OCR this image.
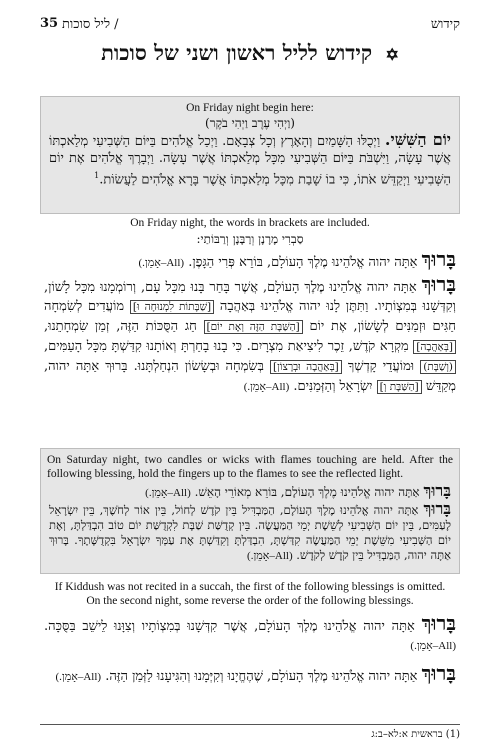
35 / ליל סוכות	קידוש
✡ קידוש לליל ראשון ושני של סוכות
On Friday night begin here:
(וַיְהִי עֶרֶב וַיְהִי בֹקֶר)
יוֹם הַשִּׁשִּׁי. וַיְכֻלּוּ הַשָּׁמַיִם וְהָאָרֶץ וְכָל צְבָאָם. וַיְכַל אֱלֹהִים בַּיּוֹם הַשְּׁבִיעִי מְלַאכְתּוֹ אֲשֶׁר עָשָׂה, וַיִּשְׁבֹּת בַּיּוֹם הַשְּׁבִיעִי מִכָּל מְלַאכְתּוֹ אֲשֶׁר עָשָׂה. וַיְבָרֶךְ אֱלֹהִים אֶת יוֹם הַשְּׁבִיעִי וַיְקַדֵּשׁ אֹתוֹ, כִּי בוֹ שָׁבַת מִכָּל מְלַאכְתּוֹ אֲשֶׁר בָּרָא אֱלֹהִים לַעֲשׂוֹת.$^1$
On Friday night, the words in brackets are included.
סַבְרִי מָרָנָן וְרַבָּנָן וְרַבּוֹתַי:
בָּרוּךְ אַתָּה יהוה אֱלֹהֵינוּ מֶלֶךְ הָעוֹלָם, בּוֹרֵא פְּרִי הַגָּפֶן. (All–אָמֵן.)
בָּרוּךְ אַתָּה יהוה אֱלֹהֵינוּ מֶלֶךְ הָעוֹלָם, אֲשֶׁר בָּחַר בָּנוּ מִכָּל עָם, וְרוֹמְמָנוּ מִכָּל לָשׁוֹן, וְקִדְּשָׁנוּ בְּמִצְוֹתָיו. וַתִּתֶּן לָנוּ יהוה אֱלֹהֵינוּ בְּאַהֲבָה [שַׁבָּתוֹת לִמְנוּחָה וּ] מוֹעֲדִים לְשִׂמְחָה חַגִּים וּזְמַנִּים לְשָׂשׂוֹן, אֶת יוֹם [הַשַּׁבָּת הַזֶּה וְאֶת יוֹם] חַג הַסֻּכּוֹת הַזֶּה, זְמַן שִׂמְחָתֵנוּ, [בְּאַהֲבָה] מִקְרָא קֹדֶשׁ, זֵכֶר לִיצִיאַת מִצְרָיִם. כִּי בָנוּ בָחַרְתָּ וְאוֹתָנוּ קִדַּשְׁתָּ מִכָּל הָעַמִּים, (וְשַׁבָּת) וּמוֹעֲדֵי קָדְשְׁךָ [בְּאַהֲבָה וּבְרָצוֹן] בְּשִׂמְחָה וּבְשָׂשׂוֹן הִנְחַלְתָּנוּ. בָּרוּךְ אַתָּה יהוה, מְקַדֵּשׁ [הַשַּׁבָּת וְ] יִשְׂרָאֵל וְהַזְּמַנִּים. (All–אָמֵן.)
On Saturday night, two candles or wicks with flames touching are held. After the following blessing, hold the fingers up to the flames to see the reflected light.
בָּרוּךְ אַתָּה יהוה אֱלֹהֵינוּ מֶלֶךְ הָעוֹלָם, בּוֹרֵא מְאוֹרֵי הָאֵשׁ. (All–אָמֵן.)
בָּרוּךְ אַתָּה יהוה אֱלֹהֵינוּ מֶלֶךְ הָעוֹלָם, הַמַּבְדִּיל בֵּין קֹדֶשׁ לְחוֹל, בֵּין אוֹר לְחֹשֶׁךְ, בֵּין יִשְׂרָאֵל לָעַמִּים, בֵּין יוֹם הַשְּׁבִיעִי לְשֵׁשֶׁת יְמֵי הַמַּעֲשֶׂה. בֵּין קְדֻשַּׁת שַׁבָּת לִקְדֻשַּׁת יוֹם טוֹב הִבְדַּלְתָּ, וְאֶת יוֹם הַשְּׁבִיעִי מִשֵּׁשֶׁת יְמֵי הַמַּעֲשֶׂה קִדַּשְׁתָּ, הִבְדַּלְתָּ וְקִדַּשְׁתָּ אֶת עַמְּךָ יִשְׂרָאֵל בִּקְדֻשָּׁתֶךָ. בָּרוּךְ אַתָּה יהוה, הַמַּבְדִּיל בֵּין קֹדֶשׁ לְקֹדֶשׁ. (All–אָמֵן.)
If Kiddush was not recited in a succah, the first of the following blessings is omitted.
On the second night, some reverse the order of the following blessings.
בָּרוּךְ אַתָּה יהוה אֱלֹהֵינוּ מֶלֶךְ הָעוֹלָם, אֲשֶׁר קִדְּשָׁנוּ בְּמִצְוֹתָיו וְצִוָּנוּ לֵישֵׁב בַּסֻּכָּה. (All–אָמֵן.)
בָּרוּךְ אַתָּה יהוה אֱלֹהֵינוּ מֶלֶךְ הָעוֹלָם, שֶׁהֶחֱיָנוּ וְקִיְּמָנוּ וְהִגִּיעָנוּ לַזְּמַן הַזֶּה. (All–אָמֵן.)
(1) בראשית א:לא–ב:ג
